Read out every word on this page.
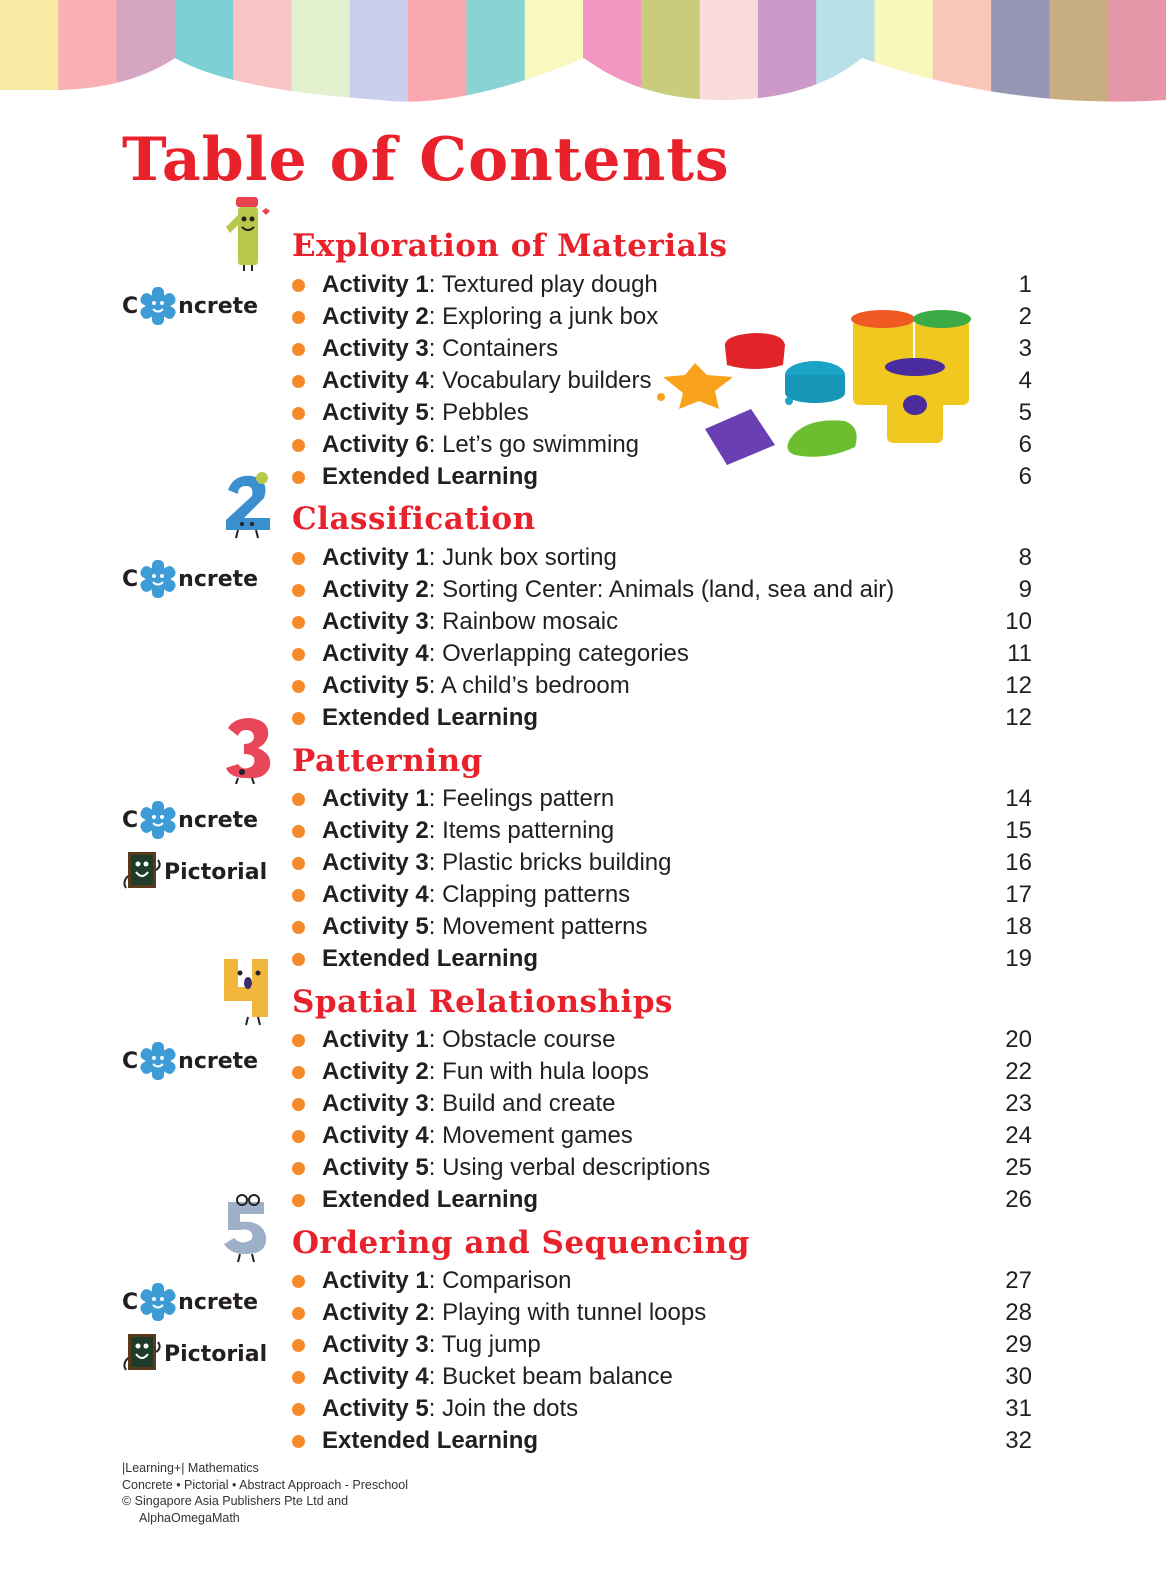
Table of Contents
Exploration of Materials
C ncrete
Activity 1: Textured play dough	1
Activity 2: Exploring a junk box	2
Activity 3: Containers	3
Activity 4: Vocabulary builders	4
Activity 5: Pebbles	5
Activity 6: Let’s go swimming	6
Extended Learning	6
Classification
C ncrete
Activity 1: Junk box sorting	8
Activity 2: Sorting Center: Animals (land, sea and air)	9
Activity 3: Rainbow mosaic	10
Activity 4: Overlapping categories	11
Activity 5: A child’s bedroom	12
Extended Learning	12
Patterning
C ncrete
Pictorial
Activity 1: Feelings pattern	14
Activity 2: Items patterning	15
Activity 3: Plastic bricks building	16
Activity 4: Clapping patterns	17
Activity 5: Movement patterns	18
Extended Learning	19
Spatial Relationships
C ncrete
Activity 1: Obstacle course	20
Activity 2: Fun with hula loops	22
Activity 3: Build and create	23
Activity 4: Movement games	24
Activity 5: Using verbal descriptions	25
Extended Learning	26
Ordering and Sequencing
C ncrete
Pictorial
Activity 1: Comparison	27
Activity 2: Playing with tunnel loops	28
Activity 3: Tug jump	29
Activity 4: Bucket beam balance	30
Activity 5: Join the dots	31
Extended Learning	32
|Learning+| Mathematics
Concrete • Pictorial • Abstract Approach - Preschool
© Singapore Asia Publishers Pte Ltd and
AlphaOmegaMath
